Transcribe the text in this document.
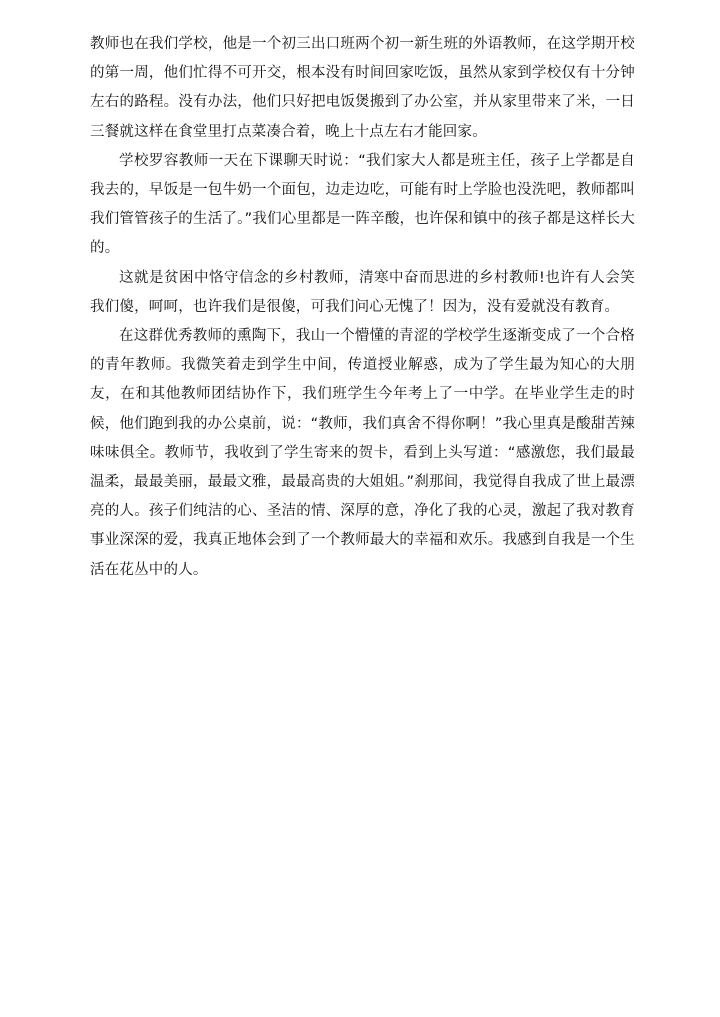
教师也在我们学校，他是一个初三出口班两个初一新生班的外语教师，在这学期开校的第一周，他们忙得不可开交，根本没有时间回家吃饭，虽然从家到学校仅有十分钟左右的路程。没有办法，他们只好把电饭煲搬到了办公室，并从家里带来了米，一日三餐就这样在食堂里打点菜凑合着，晚上十点左右才能回家。

学校罗容教师一天在下课聊天时说：“我们家大人都是班主任，孩子上学都是自我去的，早饭是一包牛奶一个面包，边走边吃，可能有时上学脸也没洗吧，教师都叫我们管管孩子的生活了。”我们心里都是一阵辛酸，也许保和镇中的孩子都是这样长大的。

这就是贫困中恪守信念的乡村教师，清寒中奋而思进的乡村教师!也许有人会笑我们傻，呵呵，也许我们是很傻，可我们问心无愧了！因为，没有爱就没有教育。

在这群优秀教师的熏陶下，我山一个懵懂的青涩的学校学生逐渐变成了一个合格的青年教师。我微笑着走到学生中间，传道授业解惑，成为了学生最为知心的大朋友，在和其他教师团结协作下，我们班学生今年考上了一中学。在毕业学生走的时候，他们跑到我的办公桌前，说：“教师，我们真舍不得你啊！”我心里真是酸甜苦辣味味俱全。教师节，我收到了学生寄来的贺卡，看到上头写道：“感激您，我们最最温柔，最最美丽，最最文雅，最最高贵的大姐姐。”刹那间，我觉得自我成了世上最漂亮的人。孩子们纯洁的心、圣洁的情、深厚的意，净化了我的心灵，激起了我对教育事业深深的爱，我真正地体会到了一个教师最大的幸福和欢乐。我感到自我是一个生活在花丛中的人。
